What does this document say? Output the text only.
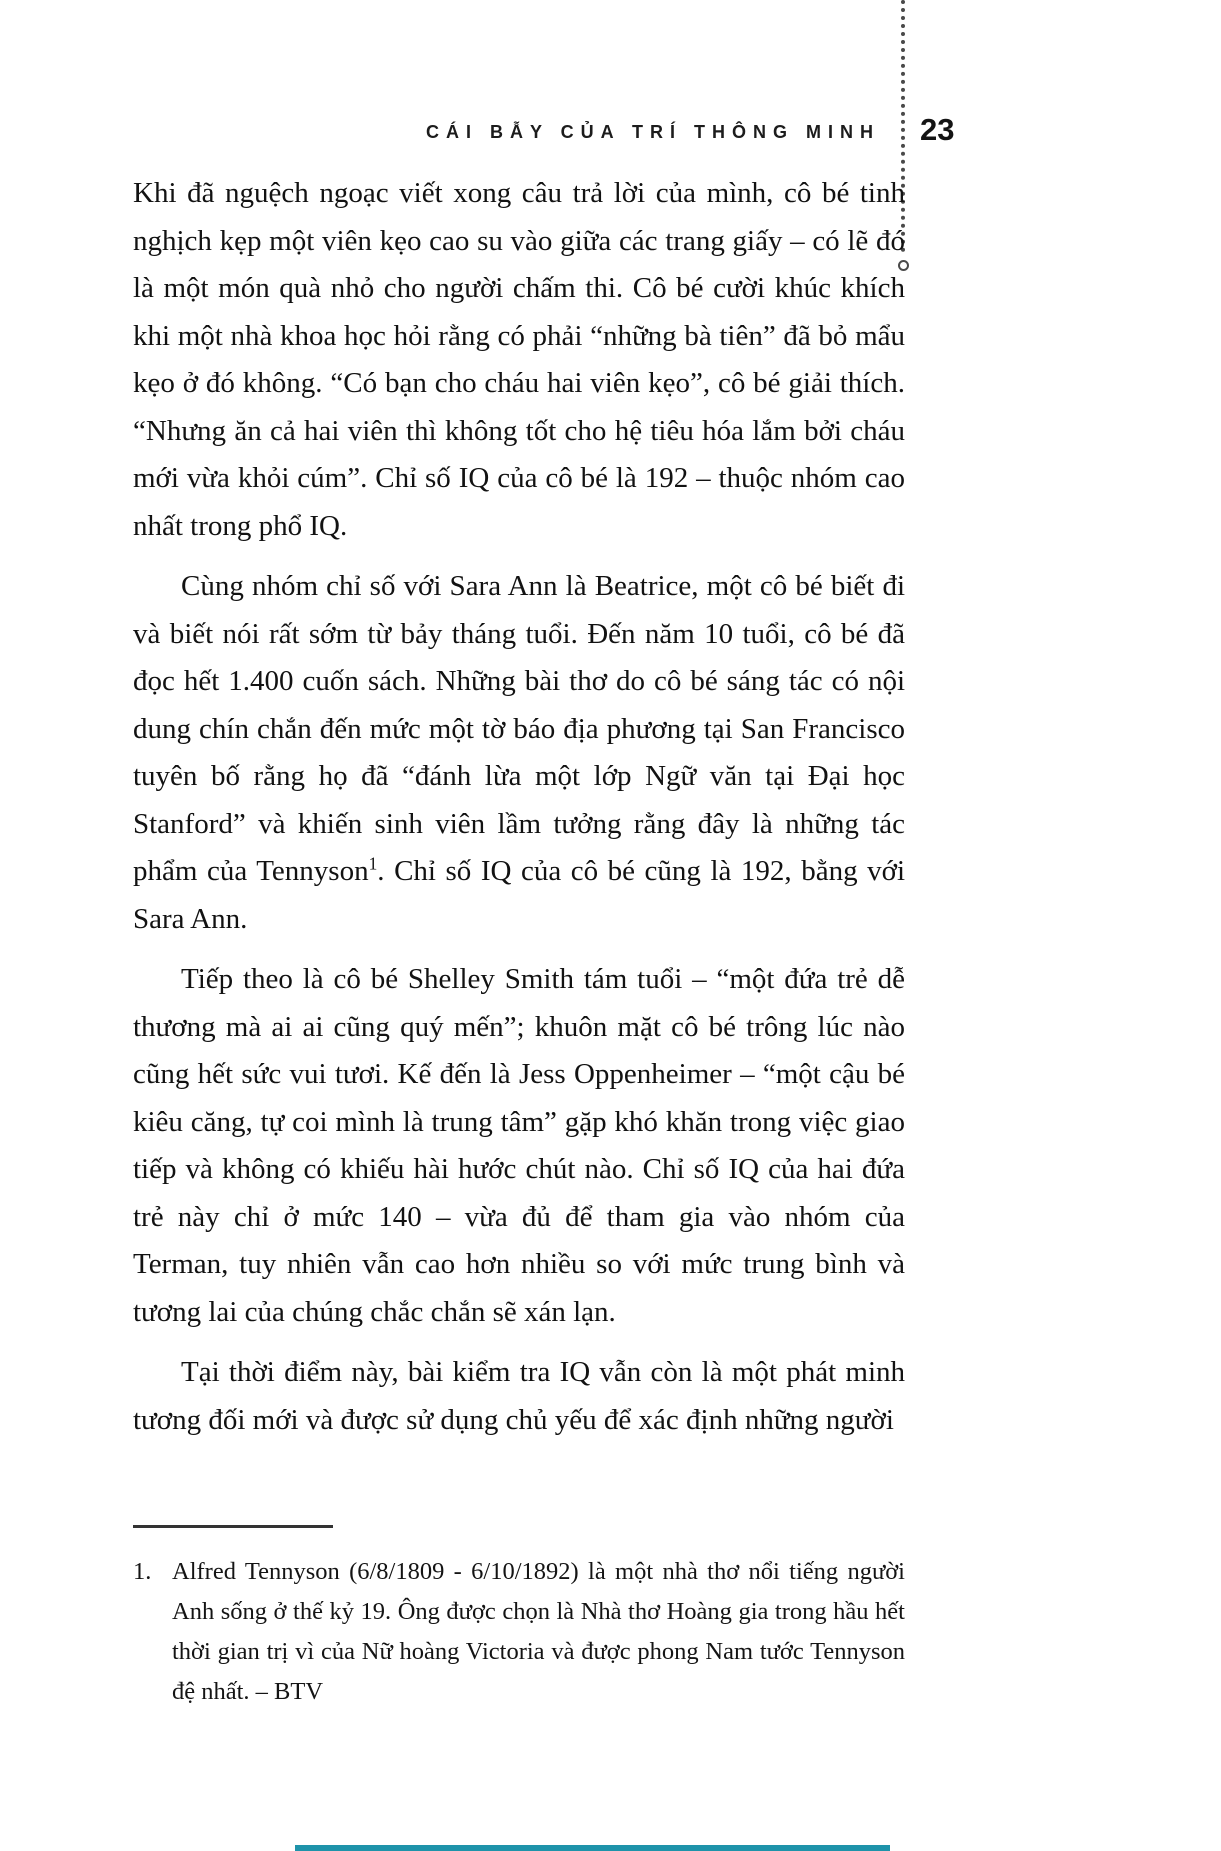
CÁI BẪY CỦA TRÍ THÔNG MINH 23

Khi đã nguệch ngoạc viết xong câu trả lời của mình, cô bé tinh nghịch kẹp một viên kẹo cao su vào giữa các trang giấy – có lẽ đó là một món quà nhỏ cho người chấm thi. Cô bé cười khúc khích khi một nhà khoa học hỏi rằng có phải “những bà tiên” đã bỏ mẩu kẹo ở đó không. “Có bạn cho cháu hai viên kẹo”, cô bé giải thích. “Nhưng ăn cả hai viên thì không tốt cho hệ tiêu hóa lắm bởi cháu mới vừa khỏi cúm”. Chỉ số IQ của cô bé là 192 – thuộc nhóm cao nhất trong phổ IQ.

Cùng nhóm chỉ số với Sara Ann là Beatrice, một cô bé biết đi và biết nói rất sớm từ bảy tháng tuổi. Đến năm 10 tuổi, cô bé đã đọc hết 1.400 cuốn sách. Những bài thơ do cô bé sáng tác có nội dung chín chắn đến mức một tờ báo địa phương tại San Francisco tuyên bố rằng họ đã “đánh lừa một lớp Ngữ văn tại Đại học Stanford” và khiến sinh viên lầm tưởng rằng đây là những tác phẩm của Tennyson$^1$. Chỉ số IQ của cô bé cũng là 192, bằng với Sara Ann.

Tiếp theo là cô bé Shelley Smith tám tuổi – “một đứa trẻ dễ thương mà ai ai cũng quý mến”; khuôn mặt cô bé trông lúc nào cũng hết sức vui tươi. Kế đến là Jess Oppenheimer – “một cậu bé kiêu căng, tự coi mình là trung tâm” gặp khó khăn trong việc giao tiếp và không có khiếu hài hước chút nào. Chỉ số IQ của hai đứa trẻ này chỉ ở mức 140 – vừa đủ để tham gia vào nhóm của Terman, tuy nhiên vẫn cao hơn nhiều so với mức trung bình và tương lai của chúng chắc chắn sẽ xán lạn.

Tại thời điểm này, bài kiểm tra IQ vẫn còn là một phát minh tương đối mới và được sử dụng chủ yếu để xác định những người

1. Alfred Tennyson (6/8/1809 - 6/10/1892) là một nhà thơ nổi tiếng người Anh sống ở thế kỷ 19. Ông được chọn là Nhà thơ Hoàng gia trong hầu hết thời gian trị vì của Nữ hoàng Victoria và được phong Nam tước Tennyson đệ nhất. – BTV
